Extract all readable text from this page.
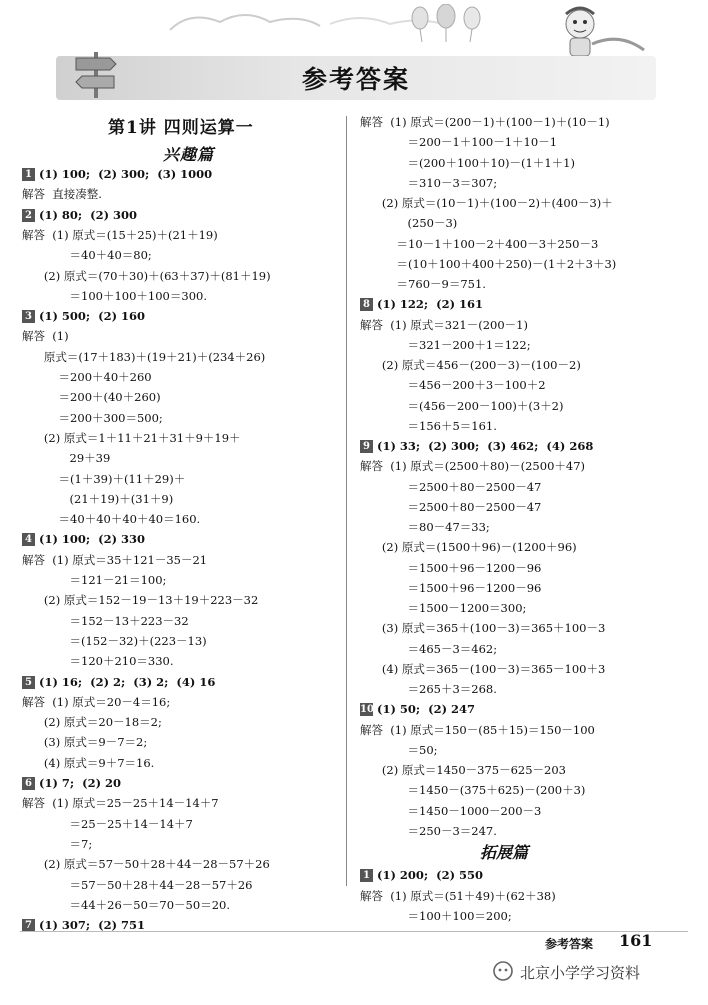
参考答案
第1讲 四则运算一
兴趣篇
1 (1) 100;  (2) 300;  (3) 1000
解答  直接凑整.
2 (1) 80;  (2) 300
解答  (1) 原式＝(15＋25)＋(21＋19)
＝40＋40＝80;
(2) 原式＝(70＋30)＋(63＋37)＋(81＋19)
＝100＋100＋100＝300.
3 (1) 500;  (2) 160
解答  (1)
原式＝(17＋183)＋(19＋21)＋(234＋26)
＝200＋40＋260
＝200＋(40＋260)
＝200＋300＝500;
(2) 原式＝1＋11＋21＋31＋9＋19＋
29＋39
＝(1＋39)＋(11＋29)＋
(21＋19)＋(31＋9)
＝40＋40＋40＋40＝160.
4 (1) 100;  (2) 330
解答  (1) 原式＝35＋121－35－21
＝121－21＝100;
(2) 原式＝152－19－13＋19＋223－32
＝152－13＋223－32
＝(152－32)＋(223－13)
＝120＋210＝330.
5 (1) 16;  (2) 2;  (3) 2;  (4) 16
解答  (1) 原式＝20－4＝16;
(2) 原式＝20－18＝2;
(3) 原式＝9－7＝2;
(4) 原式＝9＋7＝16.
6 (1) 7;  (2) 20
解答  (1) 原式＝25－25＋14－14＋7
＝25－25＋14－14＋7
＝7;
(2) 原式＝57－50＋28＋44－28－57＋26
＝57－50＋28＋44－28－57＋26
＝44＋26－50＝70－50＝20.
7 (1) 307;  (2) 751
解答  (1) 原式＝(200－1)＋(100－1)＋(10－1)
＝200－1＋100－1＋10－1
＝(200＋100＋10)－(1＋1＋1)
＝310－3＝307;
(2) 原式＝(10－1)＋(100－2)＋(400－3)＋
(250－3)
＝10－1＋100－2＋400－3＋250－3
＝(10＋100＋400＋250)－(1＋2＋3＋3)
＝760－9＝751.
8 (1) 122;  (2) 161
解答  (1) 原式＝321－(200－1)
＝321－200＋1＝122;
(2) 原式＝456－(200－3)－(100－2)
＝456－200＋3－100＋2
＝(456－200－100)＋(3＋2)
＝156＋5＝161.
9 (1) 33;  (2) 300;  (3) 462;  (4) 268
解答  (1) 原式＝(2500＋80)－(2500＋47)
＝2500＋80－2500－47
＝2500＋80－2500－47
＝80－47＝33;
(2) 原式＝(1500＋96)－(1200＋96)
＝1500＋96－1200－96
＝1500＋96－1200－96
＝1500－1200＝300;
(3) 原式＝365＋(100－3)＝365＋100－3
＝465－3＝462;
(4) 原式＝365－(100－3)＝365－100＋3
＝265＋3＝268.
10 (1) 50;  (2) 247
解答  (1) 原式＝150－(85＋15)＝150－100
＝50;
(2) 原式＝1450－375－625－203
＝1450－(375＋625)－(200＋3)
＝1450－1000－200－3
＝250－3＝247.
拓展篇
1 (1) 200;  (2) 550
解答  (1) 原式＝(51＋49)＋(62＋38)
＝100＋100＝200;
参考答案 161
北京小学学习资料
